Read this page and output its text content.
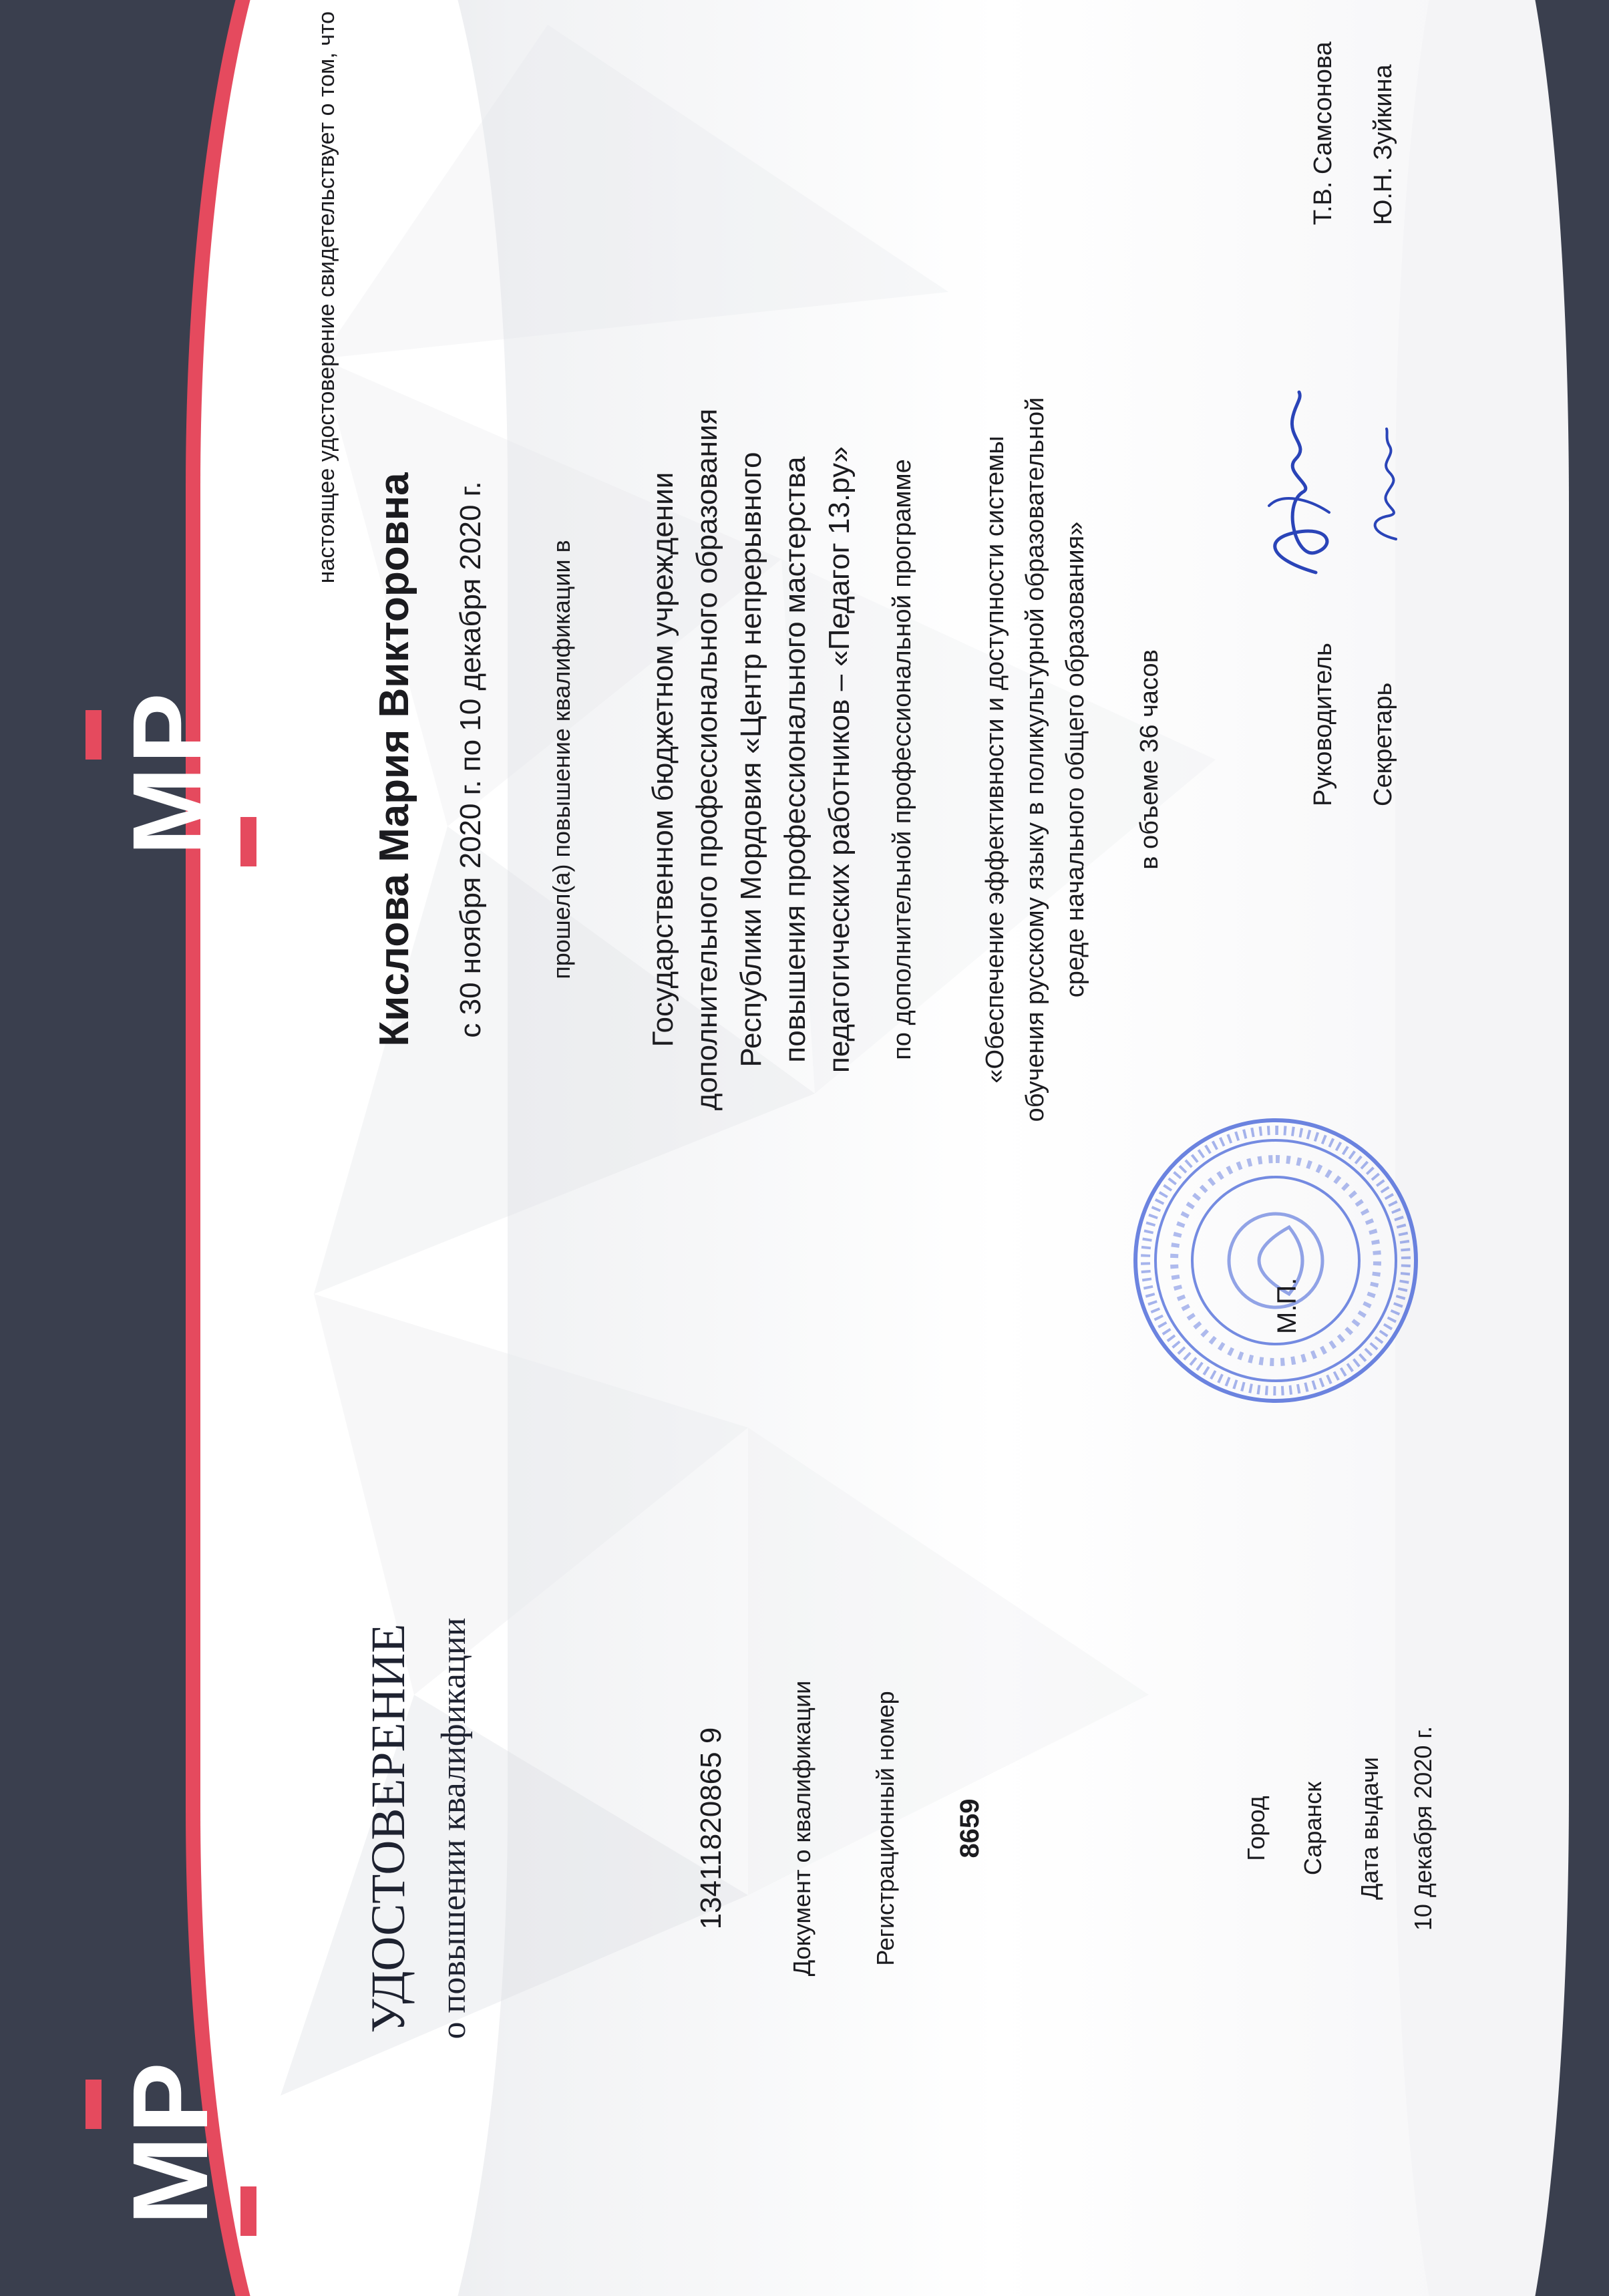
МР
МР
УДОСТОВЕРЕНИЕ о повышении квалификации	13411820865 9	Документ о квалификации Регистрационный номер 8659	Город Саранск Дата выдачи 10 декабря 2020 г.
настоящее удостоверение свидетельствует о том, что
Кислова Мария Викторовна с 30 ноября 2020 г. по 10 декабря 2020 г.	прошел(а) повышение квалификации в Государственном бюджетном учреждении дополнительного профессионального образования Республики Мордовия «Центр непрерывного повышения профессионального мастерства педагогических работников – «Педагог 13.ру» по дополнительной профессиональной программе	«Обеспечение эффективности и доступности системы обучения русскому языку в поликультурной образовательной среде начального общего образования» в объеме 36 часов
М.П.
Руководитель
Т.В. Самсонова
Секретарь
Ю.Н. Зуйкина
